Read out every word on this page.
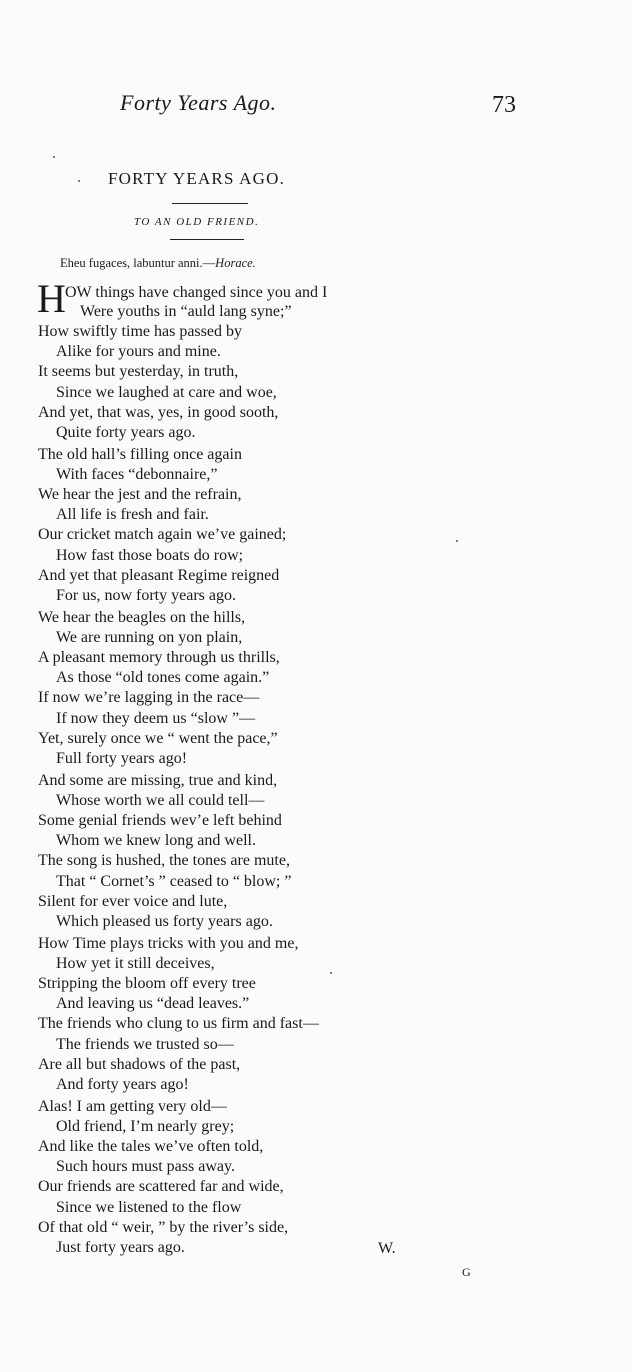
Forty Years Ago.	73
FORTY YEARS AGO.
TO AN OLD FRIEND.
Eheu fugaces, labuntur anni.—Horace.
H OW things have changed since you and I
Were youths in “auld lang syne;”
How swiftly time has passed by
Alike for yours and mine.
It seems but yesterday, in truth,
Since we laughed at care and woe,
And yet, that was, yes, in good sooth,
Quite forty years ago.
The old hall’s filling once again
With faces “debonnaire,”
We hear the jest and the refrain,
All life is fresh and fair.
Our cricket match again we’ve gained;
How fast those boats do row;
And yet that pleasant Regime reigned
For us, now forty years ago.
We hear the beagles on the hills,
We are running on yon plain,
A pleasant memory through us thrills,
As those “old tones come again.”
If now we’re lagging in the race—
If now they deem us “slow ”—
Yet, surely once we “ went the pace,”
Full forty years ago!
And some are missing, true and kind,
Whose worth we all could tell—
Some genial friends wev’e left behind
Whom we knew long and well.
The song is hushed, the tones are mute,
That “ Cornet’s ” ceased to “ blow; ”
Silent for ever voice and lute,
Which pleased us forty years ago.
How Time plays tricks with you and me,
How yet it still deceives,
Stripping the bloom off every tree
And leaving us “dead leaves.”
The friends who clung to us firm and fast—
The friends we trusted so—
Are all but shadows of the past,
And forty years ago!
Alas! I am getting very old—
Old friend, I’m nearly grey;
And like the tales we’ve often told,
Such hours must pass away.
Our friends are scattered far and wide,
Since we listened to the flow
Of that old “ weir, ” by the river’s side,
Just forty years ago.	W.
G
